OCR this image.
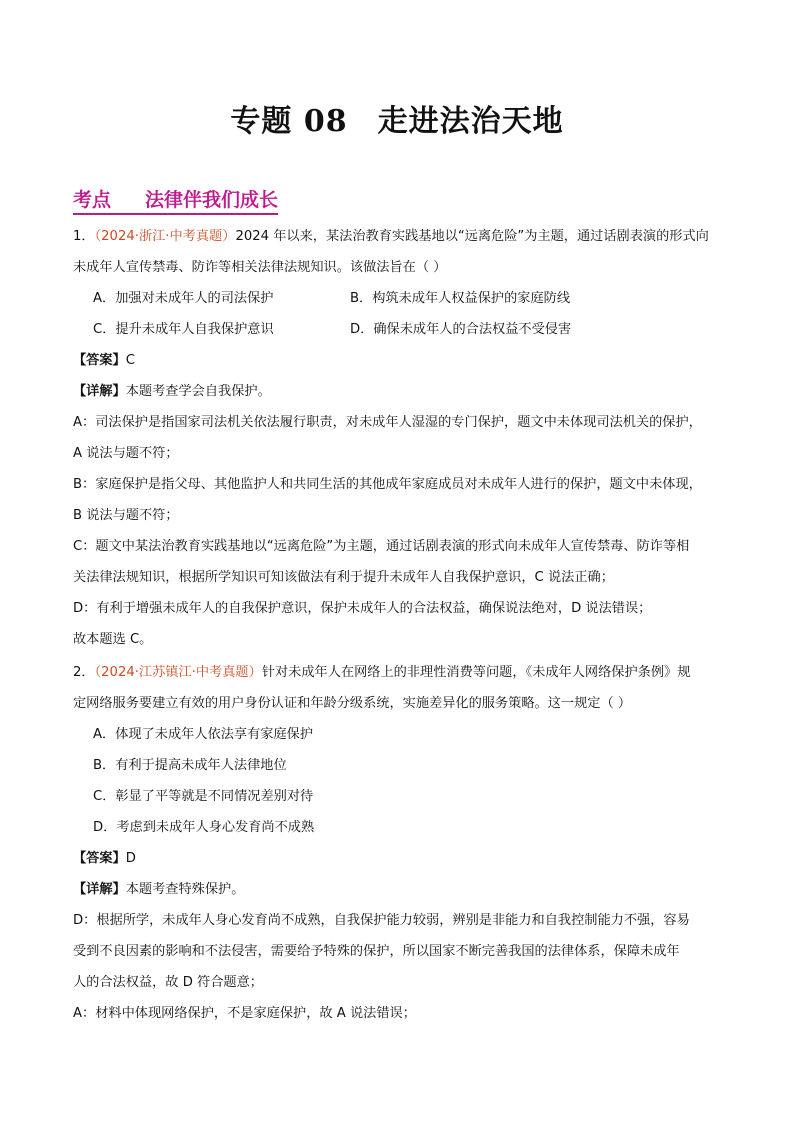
专题 08 走进法治天地
考点 法律伴我们成长
1．（2024·浙江·中考真题）2024 年以来，某法治教育实践基地以“远离危险”为主题，通过话剧表演的形式向
未成年人宣传禁毒、防诈等相关法律法规知识。该做法旨在（ ）
A．加强对未成年人的司法保护	B．构筑未成年人权益保护的家庭防线
C．提升未成年人自我保护意识	D．确保未成年人的合法权益不受侵害
【答案】C
【详解】本题考查学会自我保护。
A：司法保护是指国家司法机关依法履行职责，对未成年人湿湿的专门保护，题文中未体现司法机关的保护，
A 说法与题不符；
B：家庭保护是指父母、其他监护人和共同生活的其他成年家庭成员对未成年人进行的保护，题文中未体现，
B 说法与题不符；
C：题文中某法治教育实践基地以“远离危险”为主题，通过话剧表演的形式向未成年人宣传禁毒、防诈等相
关法律法规知识，根据所学知识可知该做法有利于提升未成年人自我保护意识，C 说法正确；
D：有利于增强未成年人的自我保护意识，保护未成年人的合法权益，确保说法绝对，D 说法错误；
故本题选 C。
2．（2024·江苏镇江·中考真题）针对未成年人在网络上的非理性消费等问题，《未成年人网络保护条例》规
定网络服务要建立有效的用户身份认证和年龄分级系统，实施差异化的服务策略。这一规定（ ）
A．体现了未成年人依法享有家庭保护
B．有利于提高未成年人法律地位
C．彰显了平等就是不同情况差别对待
D．考虑到未成年人身心发育尚不成熟
【答案】D
【详解】本题考查特殊保护。
D：根据所学，未成年人身心发育尚不成熟，自我保护能力较弱，辨别是非能力和自我控制能力不强，容易
受到不良因素的影响和不法侵害，需要给予特殊的保护，所以国家不断完善我国的法律体系，保障未成年
人的合法权益，故 D 符合题意；
A：材料中体现网络保护，不是家庭保护，故 A 说法错误；
